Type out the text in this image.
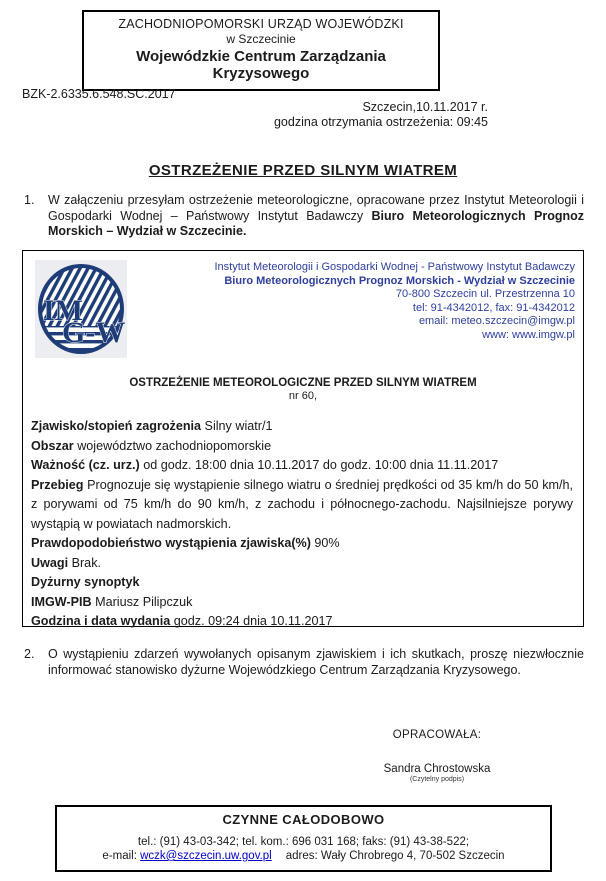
ZACHODNIOPOMORSKI URZĄD WOJEWÓDZKI
w Szczecinie
Wojewódzkie Centrum Zarządzania Kryzysowego
BZK-2.6335.6.548.SC.2017
Szczecin,10.11.2017 r.
godzina otrzymania ostrzeżenia: 09:45
OSTRZEŻENIE PRZED SILNYM WIATREM
1.	W załączeniu przesyłam ostrzeżenie meteorologiczne, opracowane przez Instytut Meteorologii i Gospodarki Wodnej – Państwowy Instytut Badawczy Biuro Meteorologicznych Prognoz Morskich – Wydział w Szczecinie.
IM
G-W
Instytut Meteorologii i Gospodarki Wodnej - Państwowy Instytut Badawczy
Biuro Meteorologicznych Prognoz Morskich - Wydział w Szczecinie
70-800 Szczecin ul. Przestrzenna 10
tel: 91-4342012, fax: 91-4342012
email: meteo.szczecin@imgw.pl
www: www.imgw.pl
OSTRZEŻENIE METEOROLOGICZNE PRZED SILNYM WIATREM
nr 60,
Zjawisko/stopień zagrożenia Silny wiatr/1
Obszar województwo zachodniopomorskie
Ważność (cz. urz.) od godz. 18:00 dnia 10.11.2017 do godz. 10:00 dnia 11.11.2017
Przebieg Prognozuje się wystąpienie silnego wiatru o średniej prędkości od 35 km/h do 50 km/h, z porywami od 75 km/h do 90 km/h, z zachodu i północnego-zachodu. Najsilniejsze porywy wystąpią w powiatach nadmorskich.
Prawdopodobieństwo wystąpienia zjawiska(%) 90%
Uwagi Brak.
Dyżurny synoptyk
IMGW-PIB Mariusz Pilipczuk
Godzina i data wydania godz. 09:24 dnia 10.11.2017
2.	O wystąpieniu zdarzeń wywołanych opisanym zjawiskiem i ich skutkach, proszę niezwłocznie informować stanowisko dyżurne Wojewódzkiego Centrum Zarządzania Kryzysowego.
OPRACOWAŁA:
Sandra Chrostowska
(Czytelny podpis)
CZYNNE CAŁODOBOWO
tel.: (91) 43-03-342; tel. kom.: 696 031 168; faks: (91) 43-38-522;
e-mail: wczk@szczecin.uw.gov.pl adres: Wały Chrobrego 4, 70-502 Szczecin
